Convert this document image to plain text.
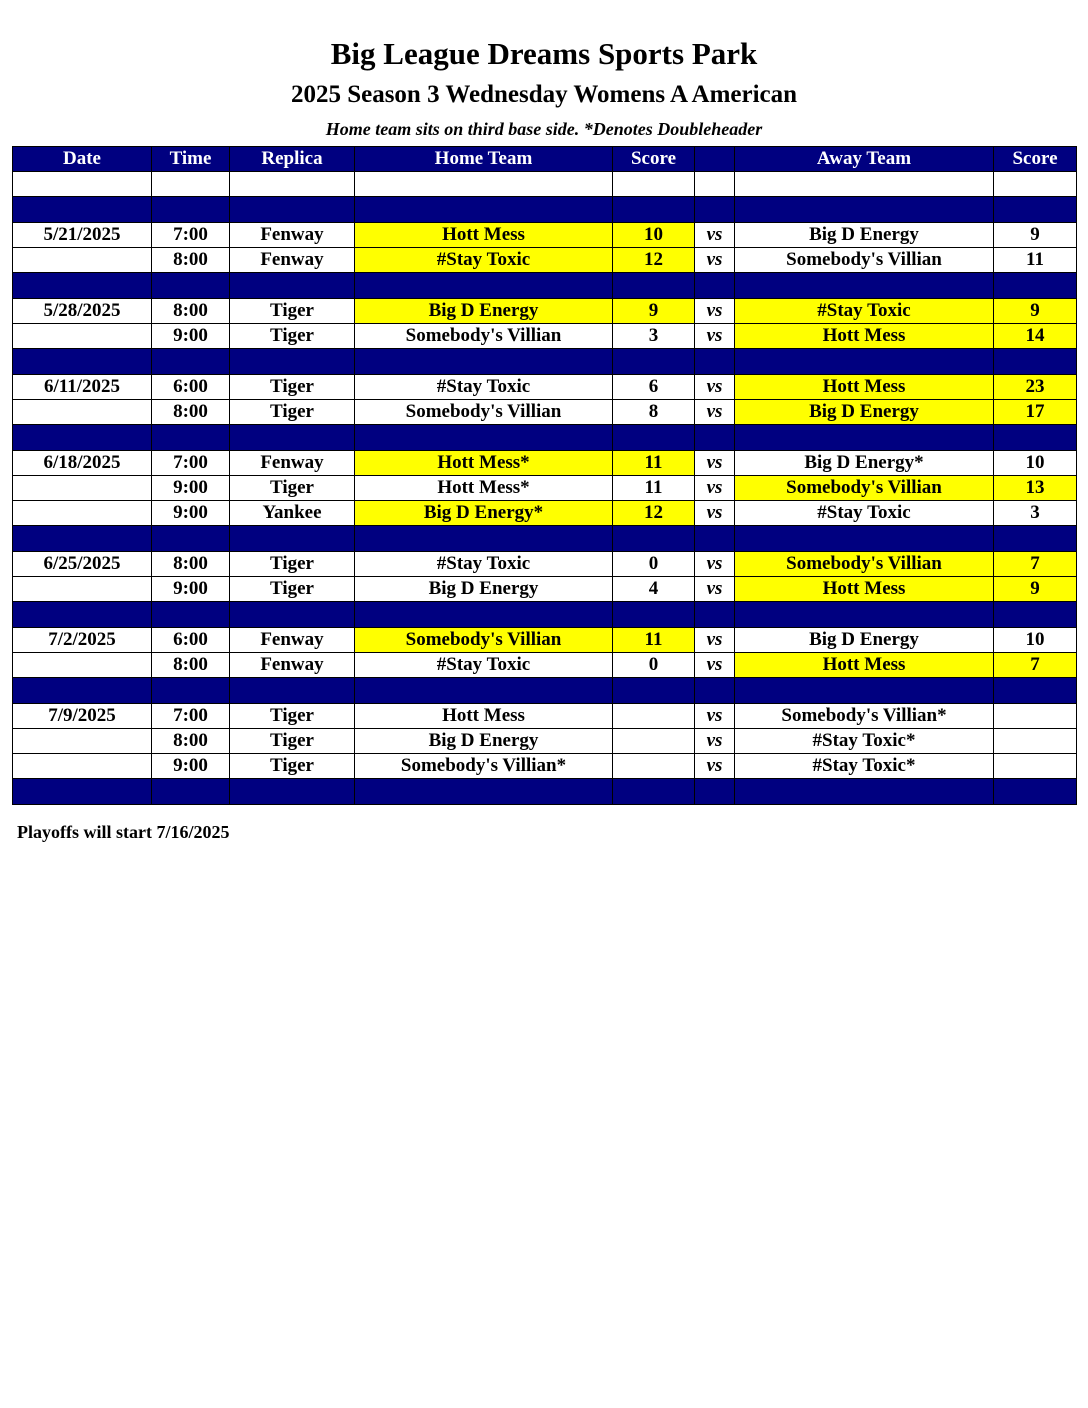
Big League Dreams Sports Park
2025 Season 3 Wednesday Womens A American
Home team sits on third base side. *Denotes Doubleheader
Date	Time	Replica	Home Team	Score		Away Team	Score

5/21/2025	7:00	Fenway	Hott Mess	10	vs	Big D Energy	9
	8:00	Fenway	#Stay Toxic	12	vs	Somebody's Villian	11

5/28/2025	8:00	Tiger	Big D Energy	9	vs	#Stay Toxic	9
	9:00	Tiger	Somebody's Villian	3	vs	Hott Mess	14

6/11/2025	6:00	Tiger	#Stay Toxic	6	vs	Hott Mess	23
	8:00	Tiger	Somebody's Villian	8	vs	Big D Energy	17

6/18/2025	7:00	Fenway	Hott Mess*	11	vs	Big D Energy*	10
	9:00	Tiger	Hott Mess*	11	vs	Somebody's Villian	13
	9:00	Yankee	Big D Energy*	12	vs	#Stay Toxic	3

6/25/2025	8:00	Tiger	#Stay Toxic	0	vs	Somebody's Villian	7
	9:00	Tiger	Big D Energy	4	vs	Hott Mess	9

7/2/2025	6:00	Fenway	Somebody's Villian	11	vs	Big D Energy	10
	8:00	Fenway	#Stay Toxic	0	vs	Hott Mess	7

7/9/2025	7:00	Tiger	Hott Mess		vs	Somebody's Villian*	
	8:00	Tiger	Big D Energy		vs	#Stay Toxic*	
	9:00	Tiger	Somebody's Villian*		vs	#Stay Toxic*	

Playoffs will start 7/16/2025
